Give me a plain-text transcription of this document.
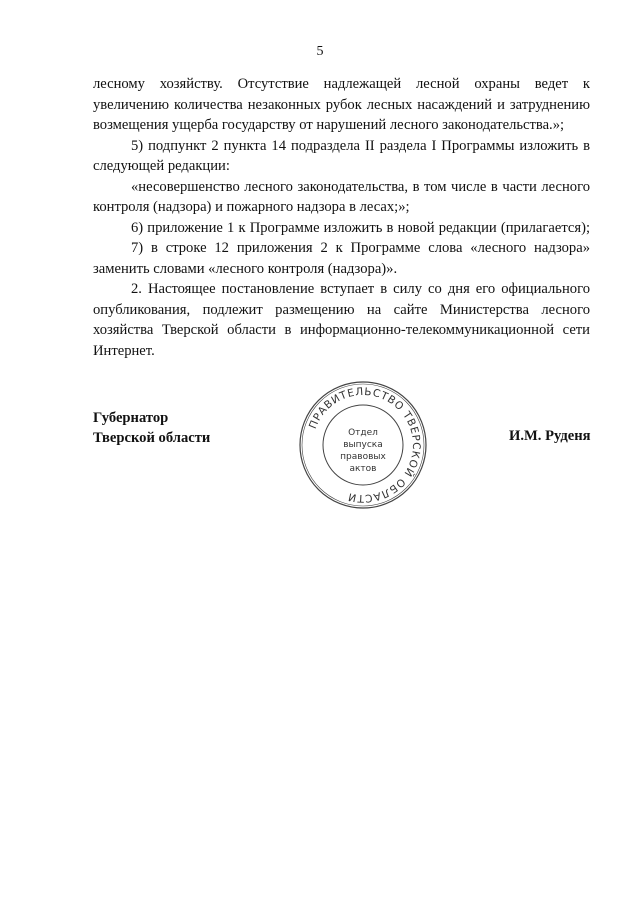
5

лесному хозяйству. Отсутствие надлежащей лесной охраны ведет к увеличению количества незаконных рубок лесных насаждений и затруднению возмещения ущерба государству от нарушений лесного законодательства.»;

5) подпункт 2 пункта 14 подраздела II раздела I Программы изложить в следующей редакции:

«несовершенство лесного законодательства, в том числе в части лесного контроля (надзора) и пожарного надзора в лесах;»;

6) приложение 1 к Программе изложить в новой редакции (прилагается);

7) в строке 12 приложения 2 к Программе слова «лесного надзора» заменить словами «лесного контроля (надзора)».

2. Настоящее постановление вступает в силу со дня его официального опубликования, подлежит размещению на сайте Министерства лесного хозяйства Тверской области в информационно-телекоммуникационной сети Интернет.

Губернатор
Тверской области
ПРАВИТЕЛЬСТВО ТВЕРСКОЙ ОБЛАСТИ
Отдел
выпуска
правовых
актов
И.М. Руденя
